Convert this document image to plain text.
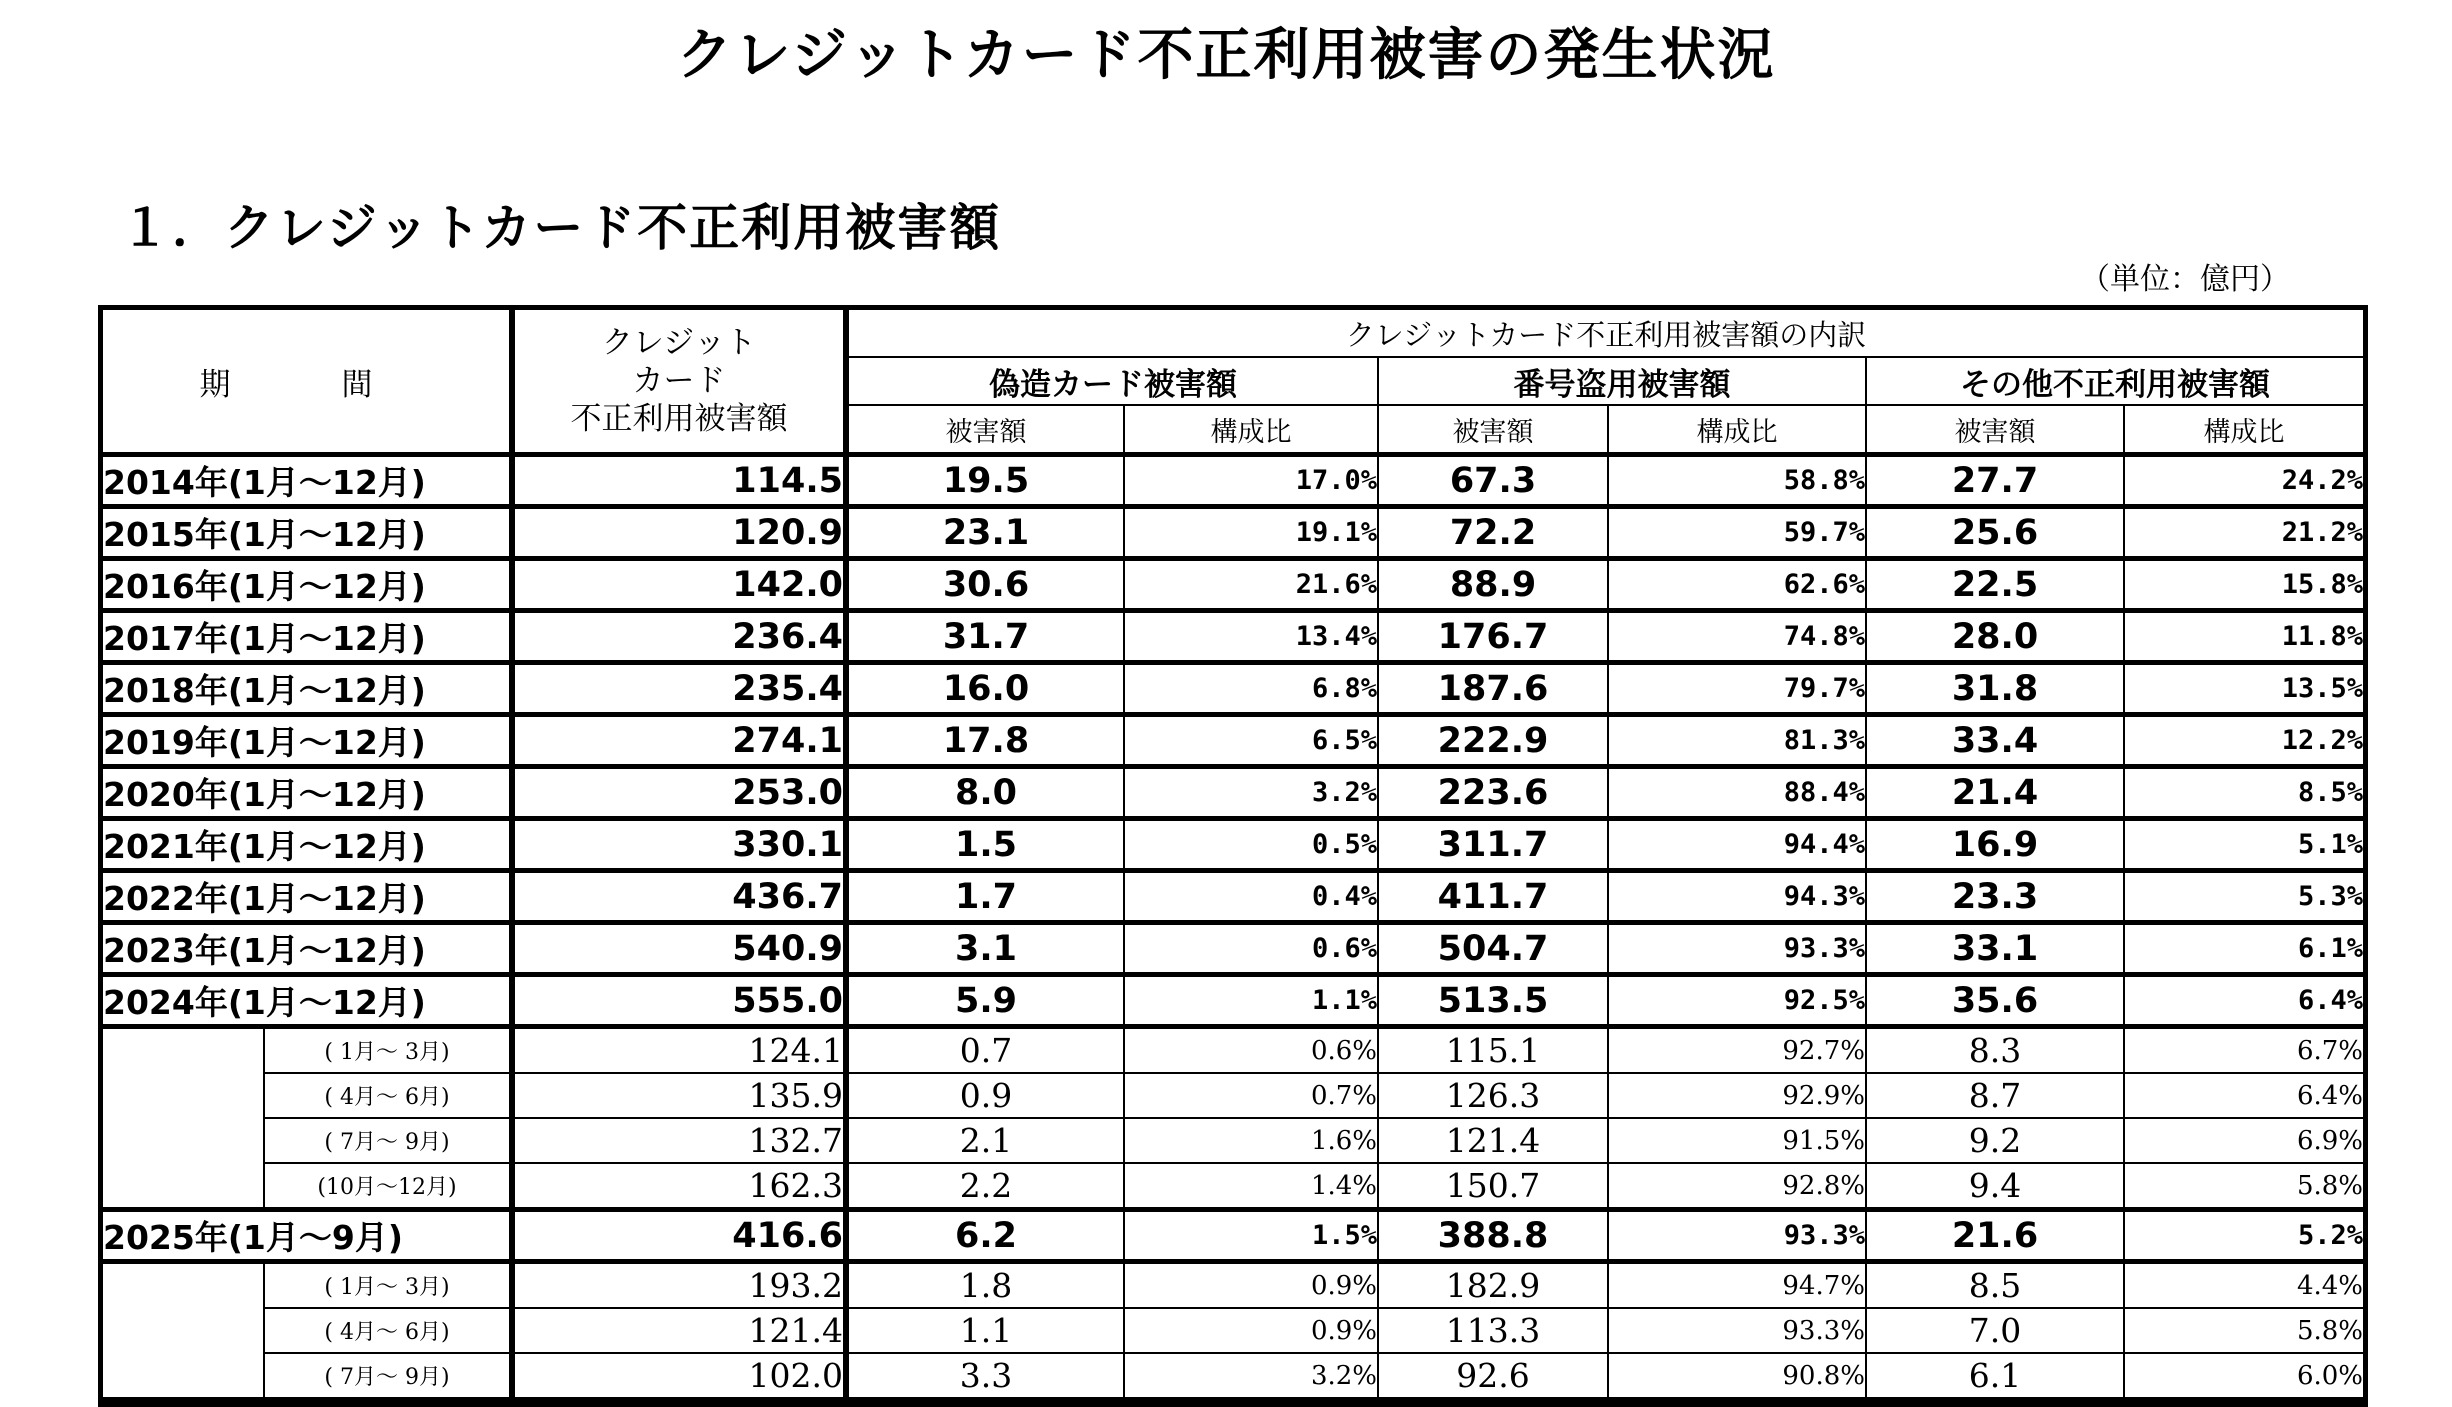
クレジットカード不正利用被害の発生状況
１．クレジットカード不正利用被害額
（単位：億円）
期　間		クレジット
カード
不正利用被害額	クレジットカード不正利用被害額の内訳					
			偽造カード被害額		番号盗用被害額		その他不正利用被害額	
			被害額	構成比	被害額	構成比	被害額	構成比
2014年(1月～12月)		114.5	19.5	17.0%	67.3	58.8%	27.7	24.2%
2015年(1月～12月)		120.9	23.1	19.1%	72.2	59.7%	25.6	21.2%
2016年(1月～12月)		142.0	30.6	21.6%	88.9	62.6%	22.5	15.8%
2017年(1月～12月)		236.4	31.7	13.4%	176.7	74.8%	28.0	11.8%
2018年(1月～12月)		235.4	16.0	6.8%	187.6	79.7%	31.8	13.5%
2019年(1月～12月)		274.1	17.8	6.5%	222.9	81.3%	33.4	12.2%
2020年(1月～12月)		253.0	8.0	3.2%	223.6	88.4%	21.4	8.5%
2021年(1月～12月)		330.1	1.5	0.5%	311.7	94.4%	16.9	5.1%
2022年(1月～12月)		436.7	1.7	0.4%	411.7	94.3%	23.3	5.3%
2023年(1月～12月)		540.9	3.1	0.6%	504.7	93.3%	33.1	6.1%
2024年(1月～12月)		555.0	5.9	1.1%	513.5	92.5%	35.6	6.4%
	( 1月～ 3月)	124.1	0.7	0.6%	115.1	92.7%	8.3	6.7%
	( 4月～ 6月)	135.9	0.9	0.7%	126.3	92.9%	8.7	6.4%
	( 7月～ 9月)	132.7	2.1	1.6%	121.4	91.5%	9.2	6.9%
	(10月～12月)	162.3	2.2	1.4%	150.7	92.8%	9.4	5.8%
2025年(1月～9月)		416.6	6.2	1.5%	388.8	93.3%	21.6	5.2%
	( 1月～ 3月)	193.2	1.8	0.9%	182.9	94.7%	8.5	4.4%
	( 4月～ 6月)	121.4	1.1	0.9%	113.3	93.3%	7.0	5.8%
	( 7月～ 9月)	102.0	3.3	3.2%	92.6	90.8%	6.1	6.0%
